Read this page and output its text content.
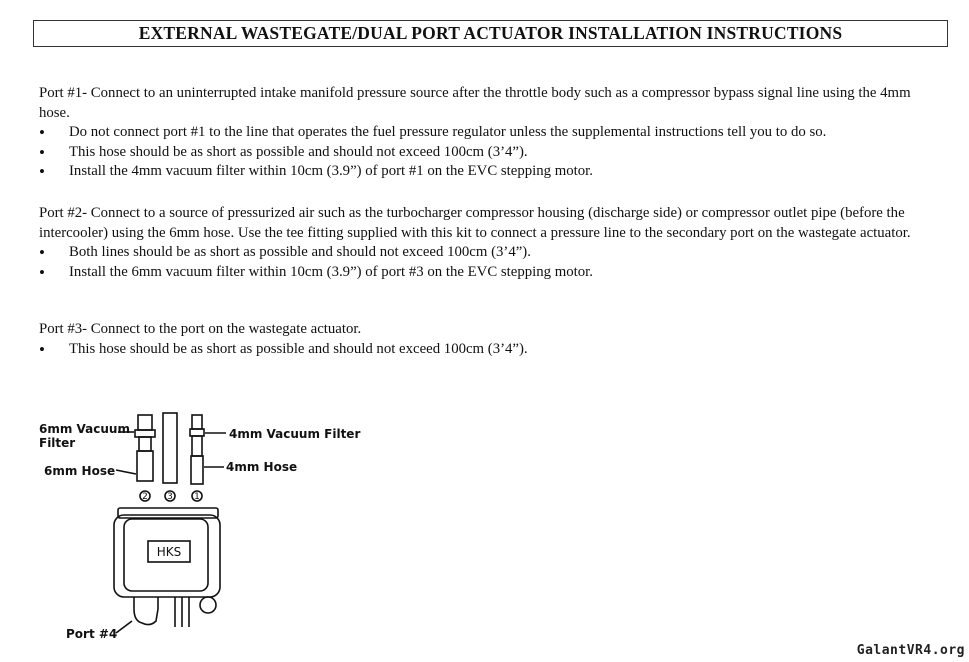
EXTERNAL WASTEGATE/DUAL PORT ACTUATOR INSTALLATION INSTRUCTIONS

Port #1- Connect to an uninterrupted intake manifold pressure source after the throttle body such as a compressor bypass signal line using the 4mm hose.

• Do not connect port #1 to the line that operates the fuel pressure regulator unless the supplemental instructions tell you to do so.
• This hose should be as short as possible and should not exceed 100cm (3’4”).
• Install the 4mm vacuum filter within 10cm (3.9”) of port #1 on the EVC stepping motor.

Port #2- Connect to a source of pressurized air such as the turbocharger compressor housing (discharge side) or compressor outlet pipe (before the intercooler) using the 6mm hose. Use the tee fitting supplied with this kit to connect a pressure line to the secondary port on the wastegate actuator.

• Both lines should be as short as possible and should not exceed 100cm (3’4”).
• Install the 6mm vacuum filter within 10cm (3.9”) of port #3 on the EVC stepping motor.

Port #3- Connect to the port on the wastegate actuator.

• This hose should be as short as possible and should not exceed 100cm (3’4”).
2 3 1
HKS
6mm Vacuum
Filter
6mm Hose
4mm Vacuum Filter
4mm Hose
Port #4
GalantVR4.org
